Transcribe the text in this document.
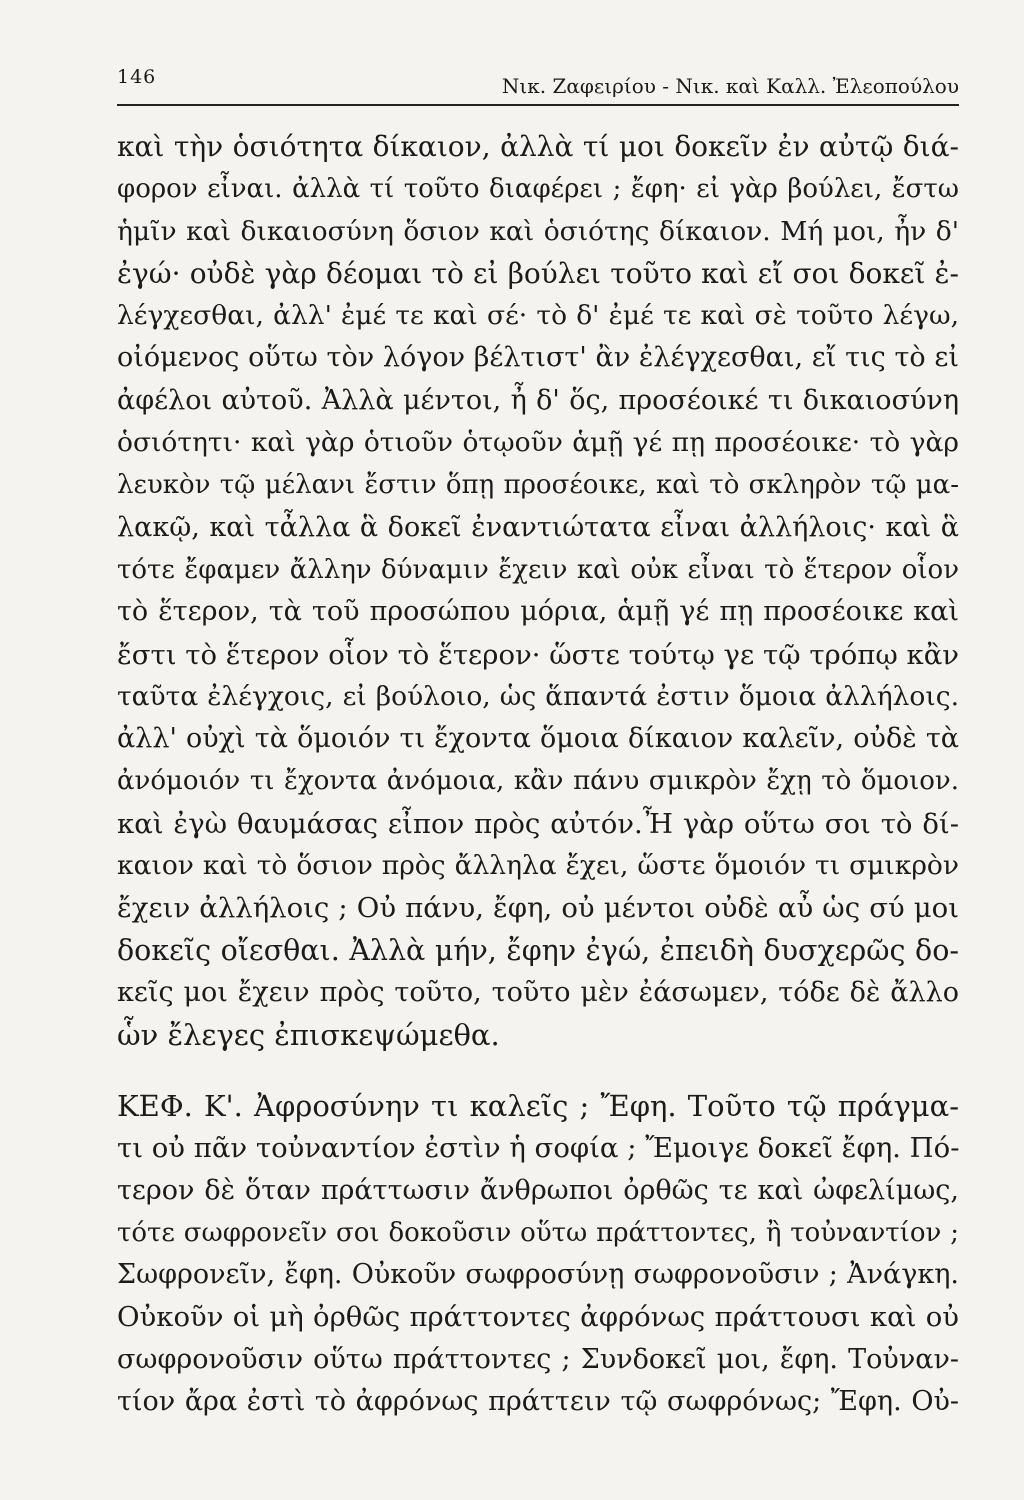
146	Νικ. Ζαφειρίου - Νικ. καὶ Καλλ. Ἐλεοπούλου
καὶ τὴν ὁσιότητα δίκαιον, ἀλλὰ τί μοι δοκεῖν ἐν αὐτῷ διά-
φορον εἶναι. ἀλλὰ τί τοῦτο διαφέρει ; ἔφη· εἰ γὰρ βούλει, ἔστω
ἡμῖν καὶ δικαιοσύνη ὅσιον καὶ ὁσιότης δίκαιον. Μή μοι, ἦν δ'
ἐγώ· οὐδὲ γὰρ δέομαι τὸ εἰ βούλει τοῦτο καὶ εἴ σοι δοκεῖ ἐ-
λέγχεσθαι, ἀλλ' ἐμέ τε καὶ σέ· τὸ δ' ἐμέ τε καὶ σὲ τοῦτο λέγω,
οἰόμενος οὕτω τὸν λόγον βέλτιστ' ἂν ἐλέγχεσθαι, εἴ τις τὸ εἰ
ἀφέλοι αὐτοῦ. Ἀλλὰ μέντοι, ἦ δ' ὅς, προσέοικέ τι δικαιοσύνη
ὁσιότητι· καὶ γὰρ ὁτιοῦν ὁτῳοῦν ἁμῇ γέ πῃ προσέοικε· τὸ γὰρ
λευκὸν τῷ μέλανι ἔστιν ὅπῃ προσέοικε, καὶ τὸ σκληρὸν τῷ μα-
λακῷ, καὶ τἆλλα ἃ δοκεῖ ἐναντιώτατα εἶναι ἀλλήλοις· καὶ ἃ
τότε ἔφαμεν ἄλλην δύναμιν ἔχειν καὶ οὐκ εἶναι τὸ ἕτερον οἷον
τὸ ἕτερον, τὰ τοῦ προσώπου μόρια, ἁμῇ γέ πῃ προσέοικε καὶ
ἔστι τὸ ἕτερον οἷον τὸ ἕτερον· ὥστε τούτῳ γε τῷ τρόπῳ κἂν
ταῦτα ἐλέγχοις, εἰ βούλοιο, ὡς ἅπαντά ἐστιν ὅμοια ἀλλήλοις.
ἀλλ' οὐχὶ τὰ ὅμοιόν τι ἔχοντα ὅμοια δίκαιον καλεῖν, οὐδὲ τὰ
ἀνόμοιόν τι ἔχοντα ἀνόμοια, κἂν πάνυ σμικρὸν ἔχῃ τὸ ὅμοιον.
καὶ ἐγὼ θαυμάσας εἶπον πρὸς αὐτόν.Ἦ γὰρ οὕτω σοι τὸ δί-
καιον καὶ τὸ ὅσιον πρὸς ἄλληλα ἔχει, ὥστε ὅμοιόν τι σμικρὸν
ἔχειν ἀλλήλοις ; Οὐ πάνυ, ἔφη, οὐ μέντοι οὐδὲ αὖ ὡς σύ μοι
δοκεῖς οἴεσθαι. Ἀλλὰ μήν, ἔφην ἐγώ, ἐπειδὴ δυσχερῶς δο-
κεῖς μοι ἔχειν πρὸς τοῦτο, τοῦτο μὲν ἐάσωμεν, τόδε δὲ ἄλλο
ὧν ἔλεγες ἐπισκεψώμεθα.
ΚΕΦ. Κ'. Ἀφροσύνην τι καλεῖς ; Ἔφη. Τοῦτο τῷ πράγμα-
τι οὐ πᾶν τοὐναντίον ἐστὶν ἡ σοφία ; Ἔμοιγε δοκεῖ ἔφη. Πό-
τερον δὲ ὅταν πράττωσιν ἄνθρωποι ὀρθῶς τε καὶ ὠφελίμως,
τότε σωφρονεῖν σοι δοκοῦσιν οὕτω πράττοντες, ἢ τοὐναντίον ;
Σωφρονεῖν, ἔφη. Οὐκοῦν σωφροσύνῃ σωφρονοῦσιν ; Ἀνάγκη.
Οὐκοῦν οἱ μὴ ὀρθῶς πράττοντες ἀφρόνως πράττουσι καὶ οὐ
σωφρονοῦσιν οὕτω πράττοντες ; Συνδοκεῖ μοι, ἔφη. Τοὐναν-
τίον ἄρα ἐστὶ τὸ ἀφρόνως πράττειν τῷ σωφρόνως; Ἔφη. Οὐ-
